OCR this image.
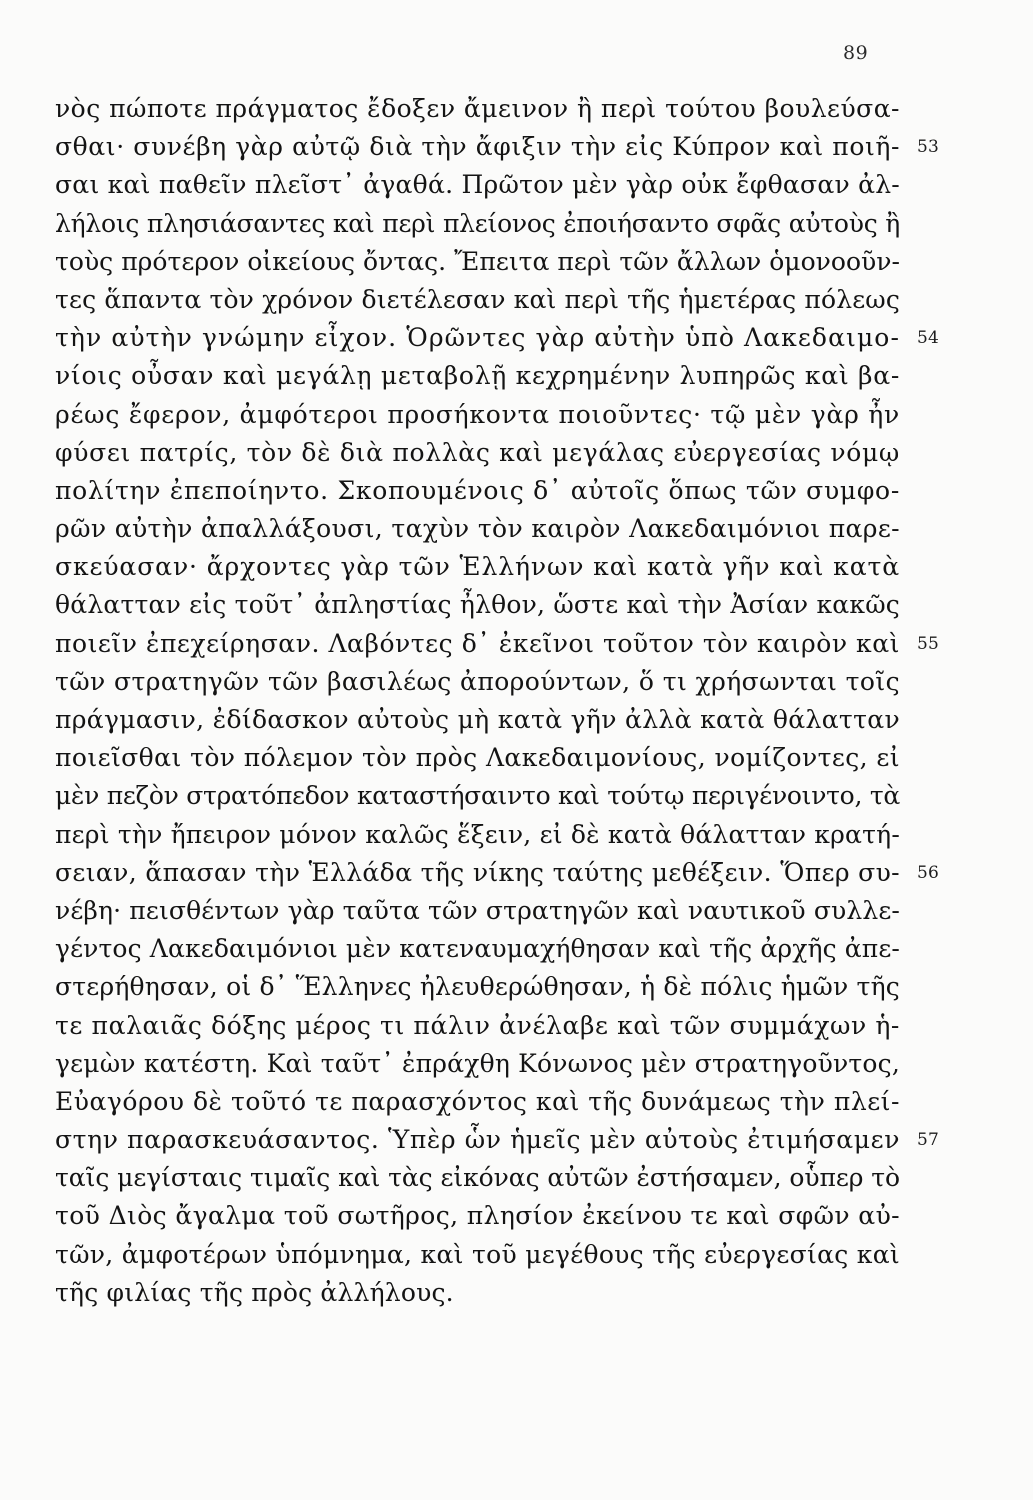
89
νὸς πώποτε πράγματος ἔδοξεν ἄμεινον ἢ περὶ τούτου βουλεύσα-
σθαι· συνέβη γὰρ αὐτῷ διὰ τὴν ἄφιξιν τὴν εἰς Κύπρον καὶ ποιῆ- 53
σαι καὶ παθεῖν πλεῖστ᾽ ἀγαθά. Πρῶτον μὲν γὰρ οὐκ ἔφθασαν ἀλ-
λήλοις πλησιάσαντες καὶ περὶ πλείονος ἐποιήσαντο σφᾶς αὐτοὺς ἢ
τοὺς πρότερον οἰκείους ὄντας. Ἔπειτα περὶ τῶν ἄλλων ὁμονοοῦν-
τες ἅπαντα τὸν χρόνον διετέλεσαν καὶ περὶ τῆς ἡμετέρας πόλεως
τὴν αὐτὴν γνώμην εἶχον. Ὁρῶντες γὰρ αὐτὴν ὑπὸ Λακεδαιμο- 54
νίοις οὖσαν καὶ μεγάλῃ μεταβολῇ κεχρημένην λυπηρῶς καὶ βα-
ρέως ἔφερον, ἀμφότεροι προσήκοντα ποιοῦντες· τῷ μὲν γὰρ ἦν
φύσει πατρίς, τὸν δὲ διὰ πολλὰς καὶ μεγάλας εὐεργεσίας νόμῳ
πολίτην ἐπεποίηντο. Σκοπουμένοις δ᾽ αὐτοῖς ὅπως τῶν συμφο-
ρῶν αὐτὴν ἀπαλλάξουσι, ταχὺν τὸν καιρὸν Λακεδαιμόνιοι παρε-
σκεύασαν· ἄρχοντες γὰρ τῶν Ἑλλήνων καὶ κατὰ γῆν καὶ κατὰ
θάλατταν εἰς τοῦτ᾽ ἀπληστίας ἦλθον, ὥστε καὶ τὴν Ἀσίαν κακῶς
ποιεῖν ἐπεχείρησαν. Λαβόντες δ᾽ ἐκεῖνοι τοῦτον τὸν καιρὸν καὶ 55
τῶν στρατηγῶν τῶν βασιλέως ἀπορούντων, ὅ τι χρήσωνται τοῖς
πράγμασιν, ἐδίδασκον αὐτοὺς μὴ κατὰ γῆν ἀλλὰ κατὰ θάλατταν
ποιεῖσθαι τὸν πόλεμον τὸν πρὸς Λακεδαιμονίους, νομίζοντες, εἰ
μὲν πεζὸν στρατόπεδον καταστήσαιντο καὶ τούτῳ περιγένοιντο, τὰ
περὶ τὴν ἤπειρον μόνον καλῶς ἕξειν, εἰ δὲ κατὰ θάλατταν κρατή-
σειαν, ἅπασαν τὴν Ἑλλάδα τῆς νίκης ταύτης μεθέξειν. Ὅπερ συ- 56
νέβη· πεισθέντων γὰρ ταῦτα τῶν στρατηγῶν καὶ ναυτικοῦ συλλε-
γέντος Λακεδαιμόνιοι μὲν κατεναυμαχήθησαν καὶ τῆς ἀρχῆς ἀπε-
στερήθησαν, οἱ δ᾽ Ἕλληνες ἠλευθερώθησαν, ἡ δὲ πόλις ἡμῶν τῆς
τε παλαιᾶς δόξης μέρος τι πάλιν ἀνέλαβε καὶ τῶν συμμάχων ἡ-
γεμὼν κατέστη. Καὶ ταῦτ᾽ ἐπράχθη Κόνωνος μὲν στρατηγοῦντος,
Εὐαγόρου δὲ τοῦτό τε παρασχόντος καὶ τῆς δυνάμεως τὴν πλεί-
στην παρασκευάσαντος. Ὑπὲρ ὧν ἡμεῖς μὲν αὐτοὺς ἐτιμήσαμεν 57
ταῖς μεγίσταις τιμαῖς καὶ τὰς εἰκόνας αὐτῶν ἐστήσαμεν, οὗπερ τὸ
τοῦ Διὸς ἄγαλμα τοῦ σωτῆρος, πλησίον ἐκείνου τε καὶ σφῶν αὐ-
τῶν, ἀμφοτέρων ὑπόμνημα, καὶ τοῦ μεγέθους τῆς εὐεργεσίας καὶ
τῆς φιλίας τῆς πρὸς ἀλλήλους.
